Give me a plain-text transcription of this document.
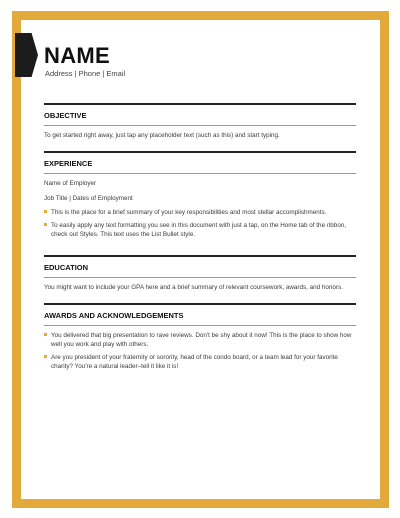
NAME
Address | Phone | Email
OBJECTIVE
To get started right away, just tap any placeholder text (such as this) and start typing.
EXPERIENCE
Name of Employer
Job Title | Dates of Employment
This is the place for a brief summary of your key responsibilities and most stellar accomplishments.
To easily apply any text formatting you see in this document with just a tap, on the Home tab of the ribbon, check out Styles. This text uses the List Bullet style.
EDUCATION
You might want to include your GPA here and a brief summary of relevant coursework, awards, and honors.
AWARDS AND ACKNOWLEDGEMENTS
You delivered that big presentation to rave reviews. Don't be shy about it now! This is the place to show how well you work and play with others.
Are you president of your fraternity or sorority, head of the condo board, or a team lead for your favorite charity? You're a natural leader–tell it like it is!
